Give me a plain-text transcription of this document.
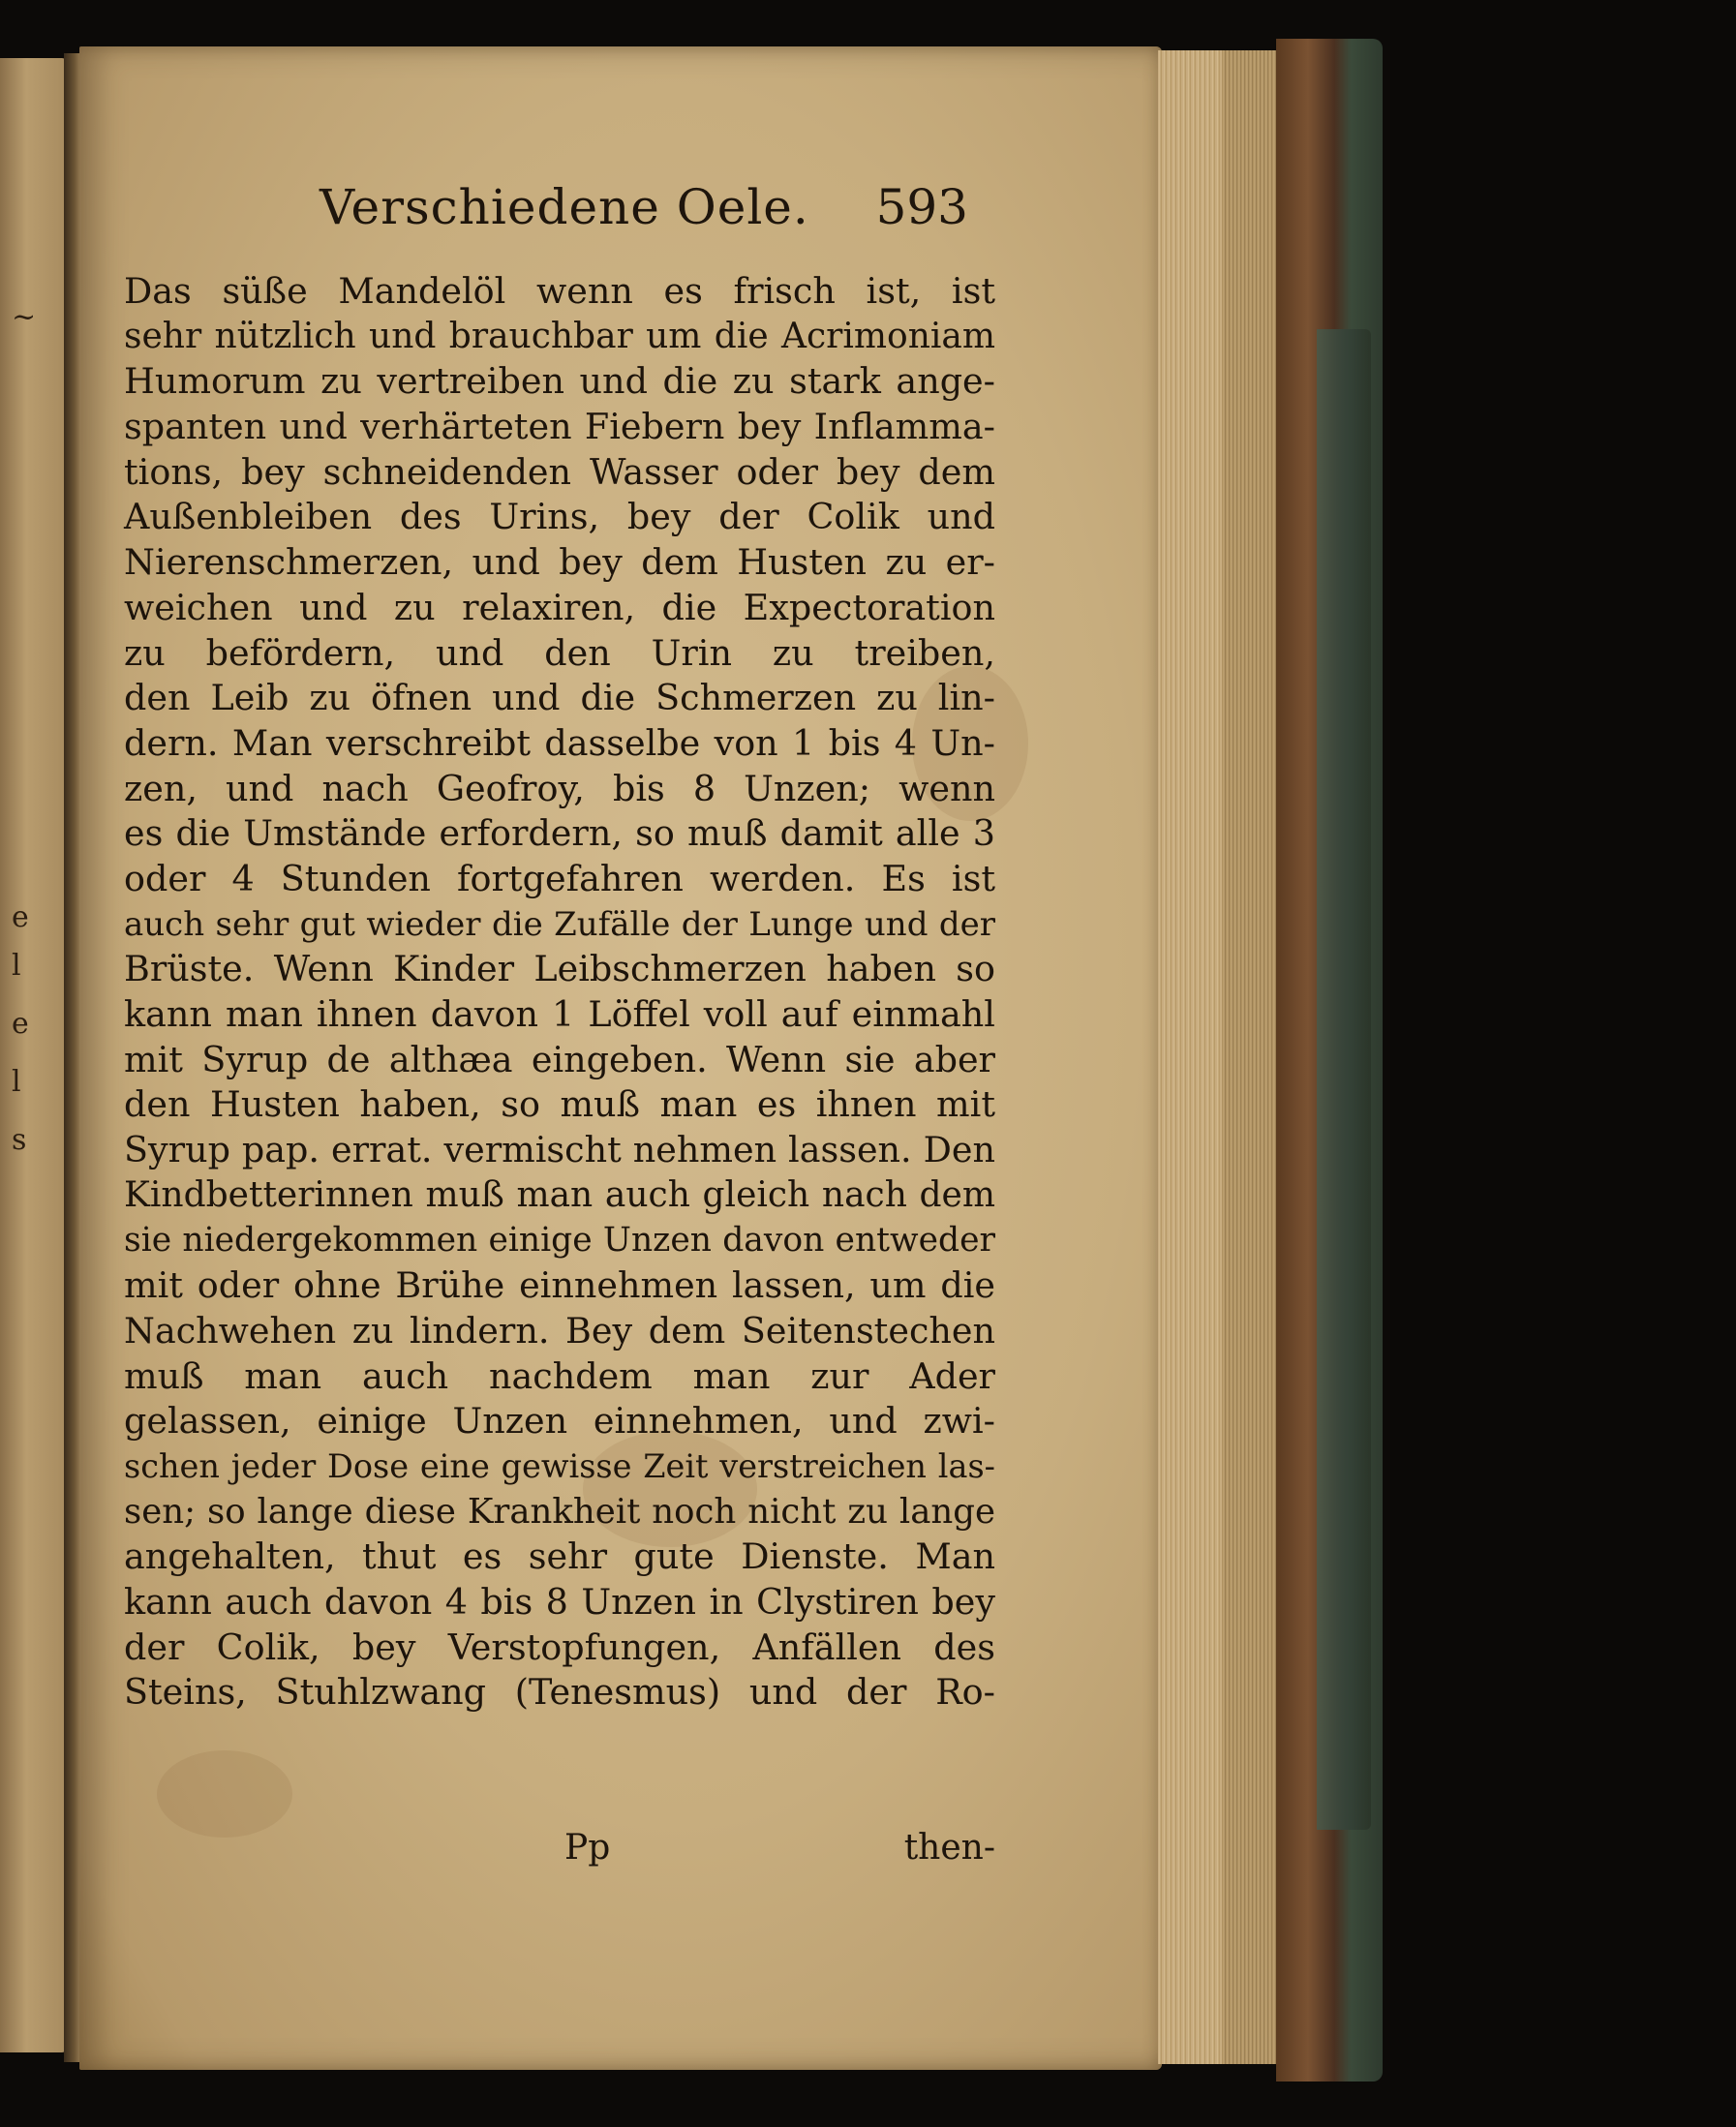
~
e
l
e
l
s
Verschiedene Oele. 593
Das süße Mandelöl wenn es frisch ist, ist
sehr nützlich und brauchbar um die Acrimoniam
Humorum zu vertreiben und die zu stark ange-
spanten und verhärteten Fiebern bey Inflamma-
tions, bey schneidenden Wasser oder bey dem
Außenbleiben des Urins, bey der Colik und
Nierenschmerzen, und bey dem Husten zu er-
weichen und zu relaxiren, die Expectoration
zu befördern, und den Urin zu treiben,
den Leib zu öfnen und die Schmerzen zu lin-
dern. Man verschreibt dasselbe von 1 bis 4 Un-
zen, und nach Geofroy, bis 8 Unzen; wenn
es die Umstände erfordern, so muß damit alle 3
oder 4 Stunden fortgefahren werden. Es ist
auch sehr gut wieder die Zufälle der Lunge und der
Brüste. Wenn Kinder Leibschmerzen haben so
kann man ihnen davon 1 Löffel voll auf einmahl
mit Syrup de althæa eingeben. Wenn sie aber
den Husten haben, so muß man es ihnen mit
Syrup pap. errat. vermischt nehmen lassen. Den
Kindbetterinnen muß man auch gleich nach dem
sie niedergekommen einige Unzen davon entweder
mit oder ohne Brühe einnehmen lassen, um die
Nachwehen zu lindern. Bey dem Seitenstechen
muß man auch nachdem man zur Ader
gelassen, einige Unzen einnehmen, und zwi-
schen jeder Dose eine gewisse Zeit verstreichen las-
sen; so lange diese Krankheit noch nicht zu lange
angehalten, thut es sehr gute Dienste. Man
kann auch davon 4 bis 8 Unzen in Clystiren bey
der Colik, bey Verstopfungen, Anfällen des
Steins, Stuhlzwang (Tenesmus) und der Ro-
Pp	then-
